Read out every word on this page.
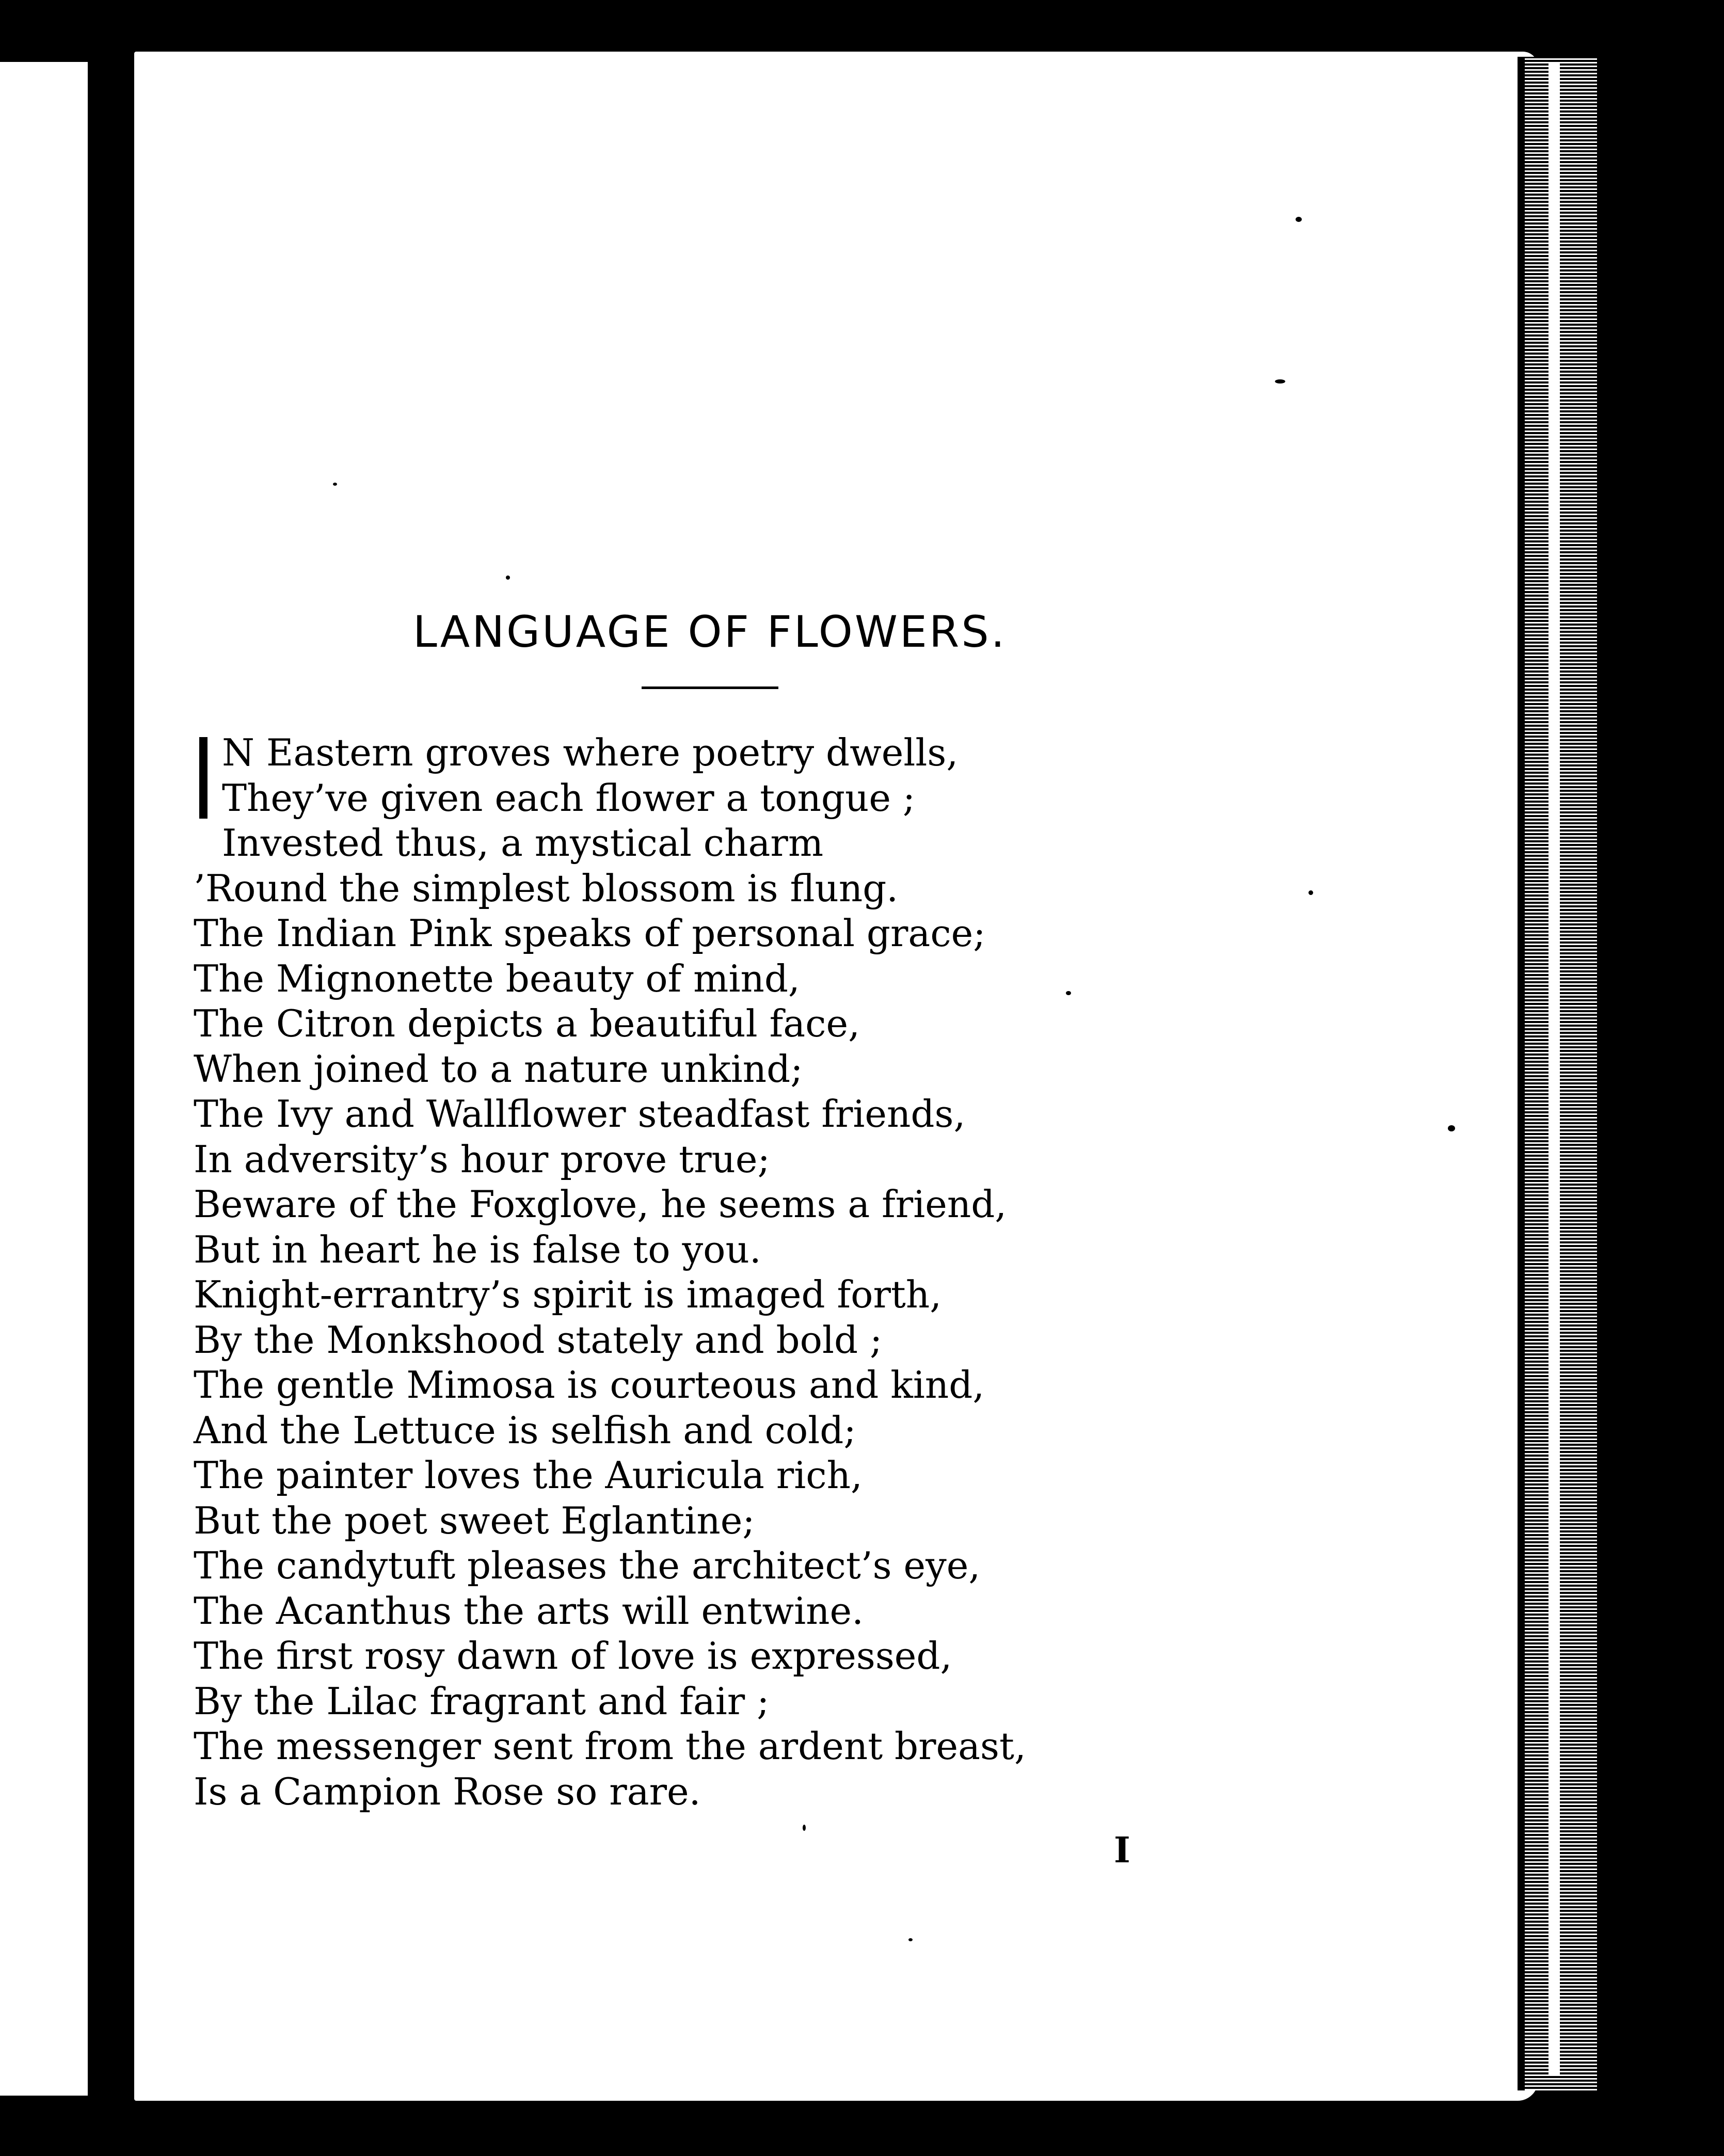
LANGUAGE OF FLOWERS.
N Eastern groves where poetry dwells,
They’ve given each flower a tongue ;
Invested thus, a mystical charm
’Round the simplest blossom is flung.
The Indian Pink speaks of personal grace;
The Mignonette beauty of mind,
The Citron depicts a beautiful face,
When joined to a nature unkind;
The Ivy and Wallflower steadfast friends,
In adversity’s hour prove true;
Beware of the Foxglove, he seems a friend,
But in heart he is false to you.
Knight-errantry’s spirit is imaged forth,
By the Monkshood stately and bold ;
The gentle Mimosa is courteous and kind,
And the Lettuce is selfish and cold;
The painter loves the Auricula rich,
But the poet sweet Eglantine;
The candytuft pleases the architect’s eye,
The Acanthus the arts will entwine.
The first rosy dawn of love is expressed,
By the Lilac fragrant and fair ;
The messenger sent from the ardent breast,
Is a Campion Rose so rare.
I
